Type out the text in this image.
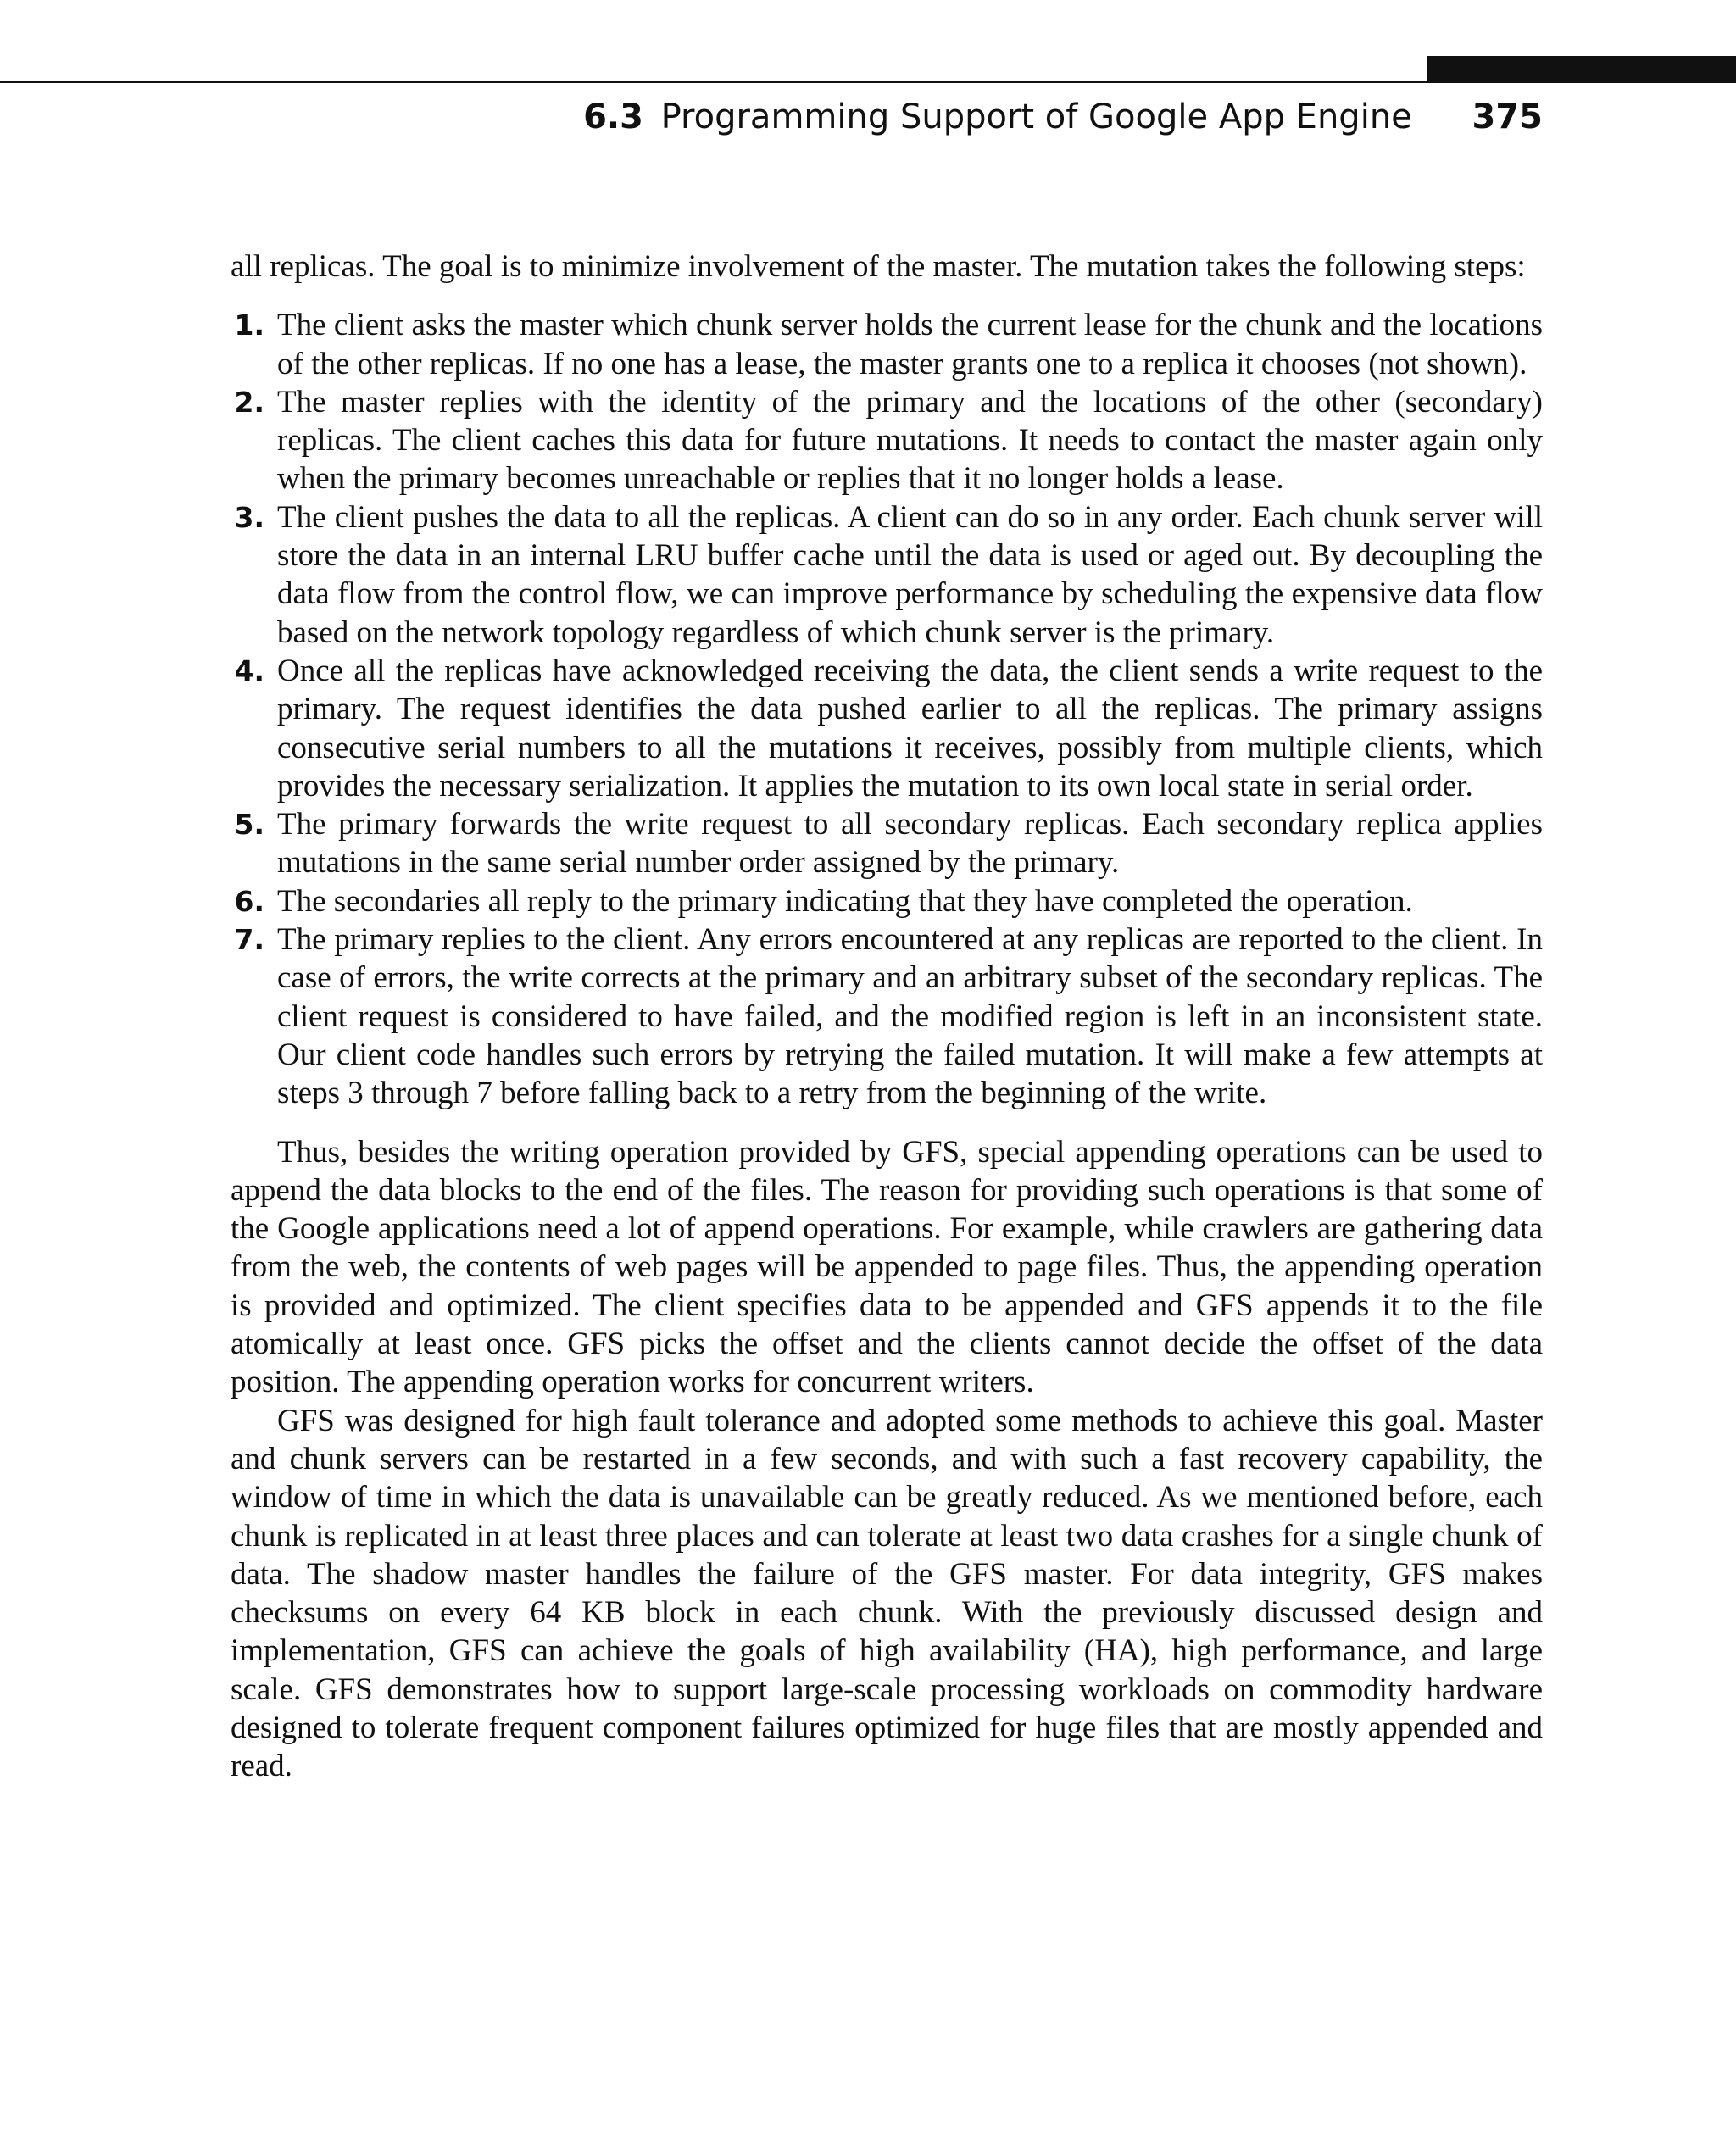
6.3 Programming Support of Google App Engine 375

all replicas. The goal is to minimize involvement of the master. The mutation takes the following steps:

1. The client asks the master which chunk server holds the current lease for the chunk and the locations of the other replicas. If no one has a lease, the master grants one to a replica it chooses (not shown).
2. The master replies with the identity of the primary and the locations of the other (secondary) replicas. The client caches this data for future mutations. It needs to contact the master again only when the primary becomes unreachable or replies that it no longer holds a lease.
3. The client pushes the data to all the replicas. A client can do so in any order. Each chunk server will store the data in an internal LRU buffer cache until the data is used or aged out. By decoupling the data flow from the control flow, we can improve performance by scheduling the expensive data flow based on the network topology regardless of which chunk server is the primary.
4. Once all the replicas have acknowledged receiving the data, the client sends a write request to the primary. The request identifies the data pushed earlier to all the replicas. The primary assigns consecutive serial numbers to all the mutations it receives, possibly from multiple clients, which provides the necessary serialization. It applies the mutation to its own local state in serial order.
5. The primary forwards the write request to all secondary replicas. Each secondary replica applies mutations in the same serial number order assigned by the primary.
6. The secondaries all reply to the primary indicating that they have completed the operation.
7. The primary replies to the client. Any errors encountered at any replicas are reported to the client. In case of errors, the write corrects at the primary and an arbitrary subset of the secondary replicas. The client request is considered to have failed, and the modified region is left in an inconsistent state. Our client code handles such errors by retrying the failed mutation. It will make a few attempts at steps 3 through 7 before falling back to a retry from the beginning of the write.

Thus, besides the writing operation provided by GFS, special appending operations can be used to append the data blocks to the end of the files. The reason for providing such operations is that some of the Google applications need a lot of append operations. For example, while crawlers are gathering data from the web, the contents of web pages will be appended to page files. Thus, the appending operation is provided and optimized. The client specifies data to be appended and GFS appends it to the file atomically at least once. GFS picks the offset and the clients cannot decide the offset of the data position. The appending operation works for concurrent writers.

GFS was designed for high fault tolerance and adopted some methods to achieve this goal. Master and chunk servers can be restarted in a few seconds, and with such a fast recovery capability, the window of time in which the data is unavailable can be greatly reduced. As we mentioned before, each chunk is replicated in at least three places and can tolerate at least two data crashes for a single chunk of data. The shadow master handles the failure of the GFS master. For data integrity, GFS makes checksums on every 64 KB block in each chunk. With the previously discussed design and implementation, GFS can achieve the goals of high availability (HA), high performance, and large scale. GFS demonstrates how to support large-scale processing workloads on commodity hardware designed to tolerate frequent component failures optimized for huge files that are mostly appended and read.
